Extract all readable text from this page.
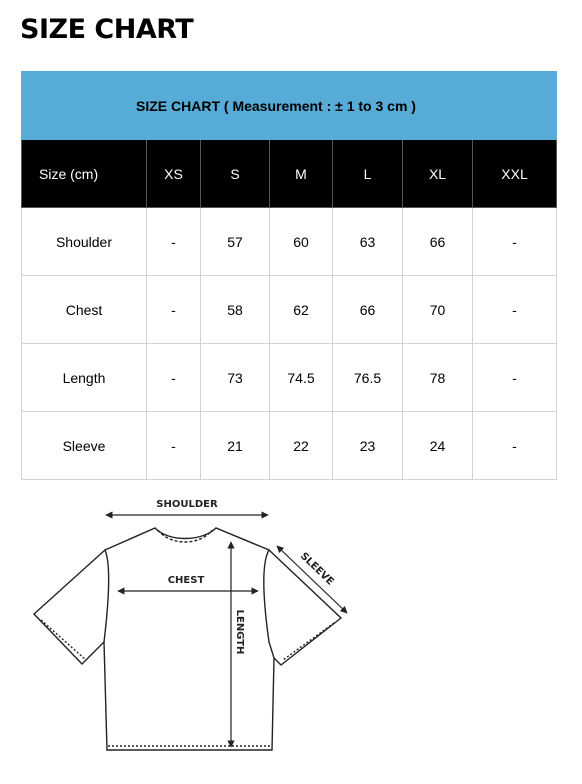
SIZE CHART
SIZE CHART ( Measurement : ± 1 to 3 cm )						
Size (cm)	XS	S	M	L	XL	XXL
Shoulder	-	57	60	63	66	-
Chest	-	58	62	66	70	-
Length	-	73	74.5	76.5	78	-
Sleeve	-	21	22	23	24	-
SHOULDER
CHEST
LENGTH
SLEEVE
